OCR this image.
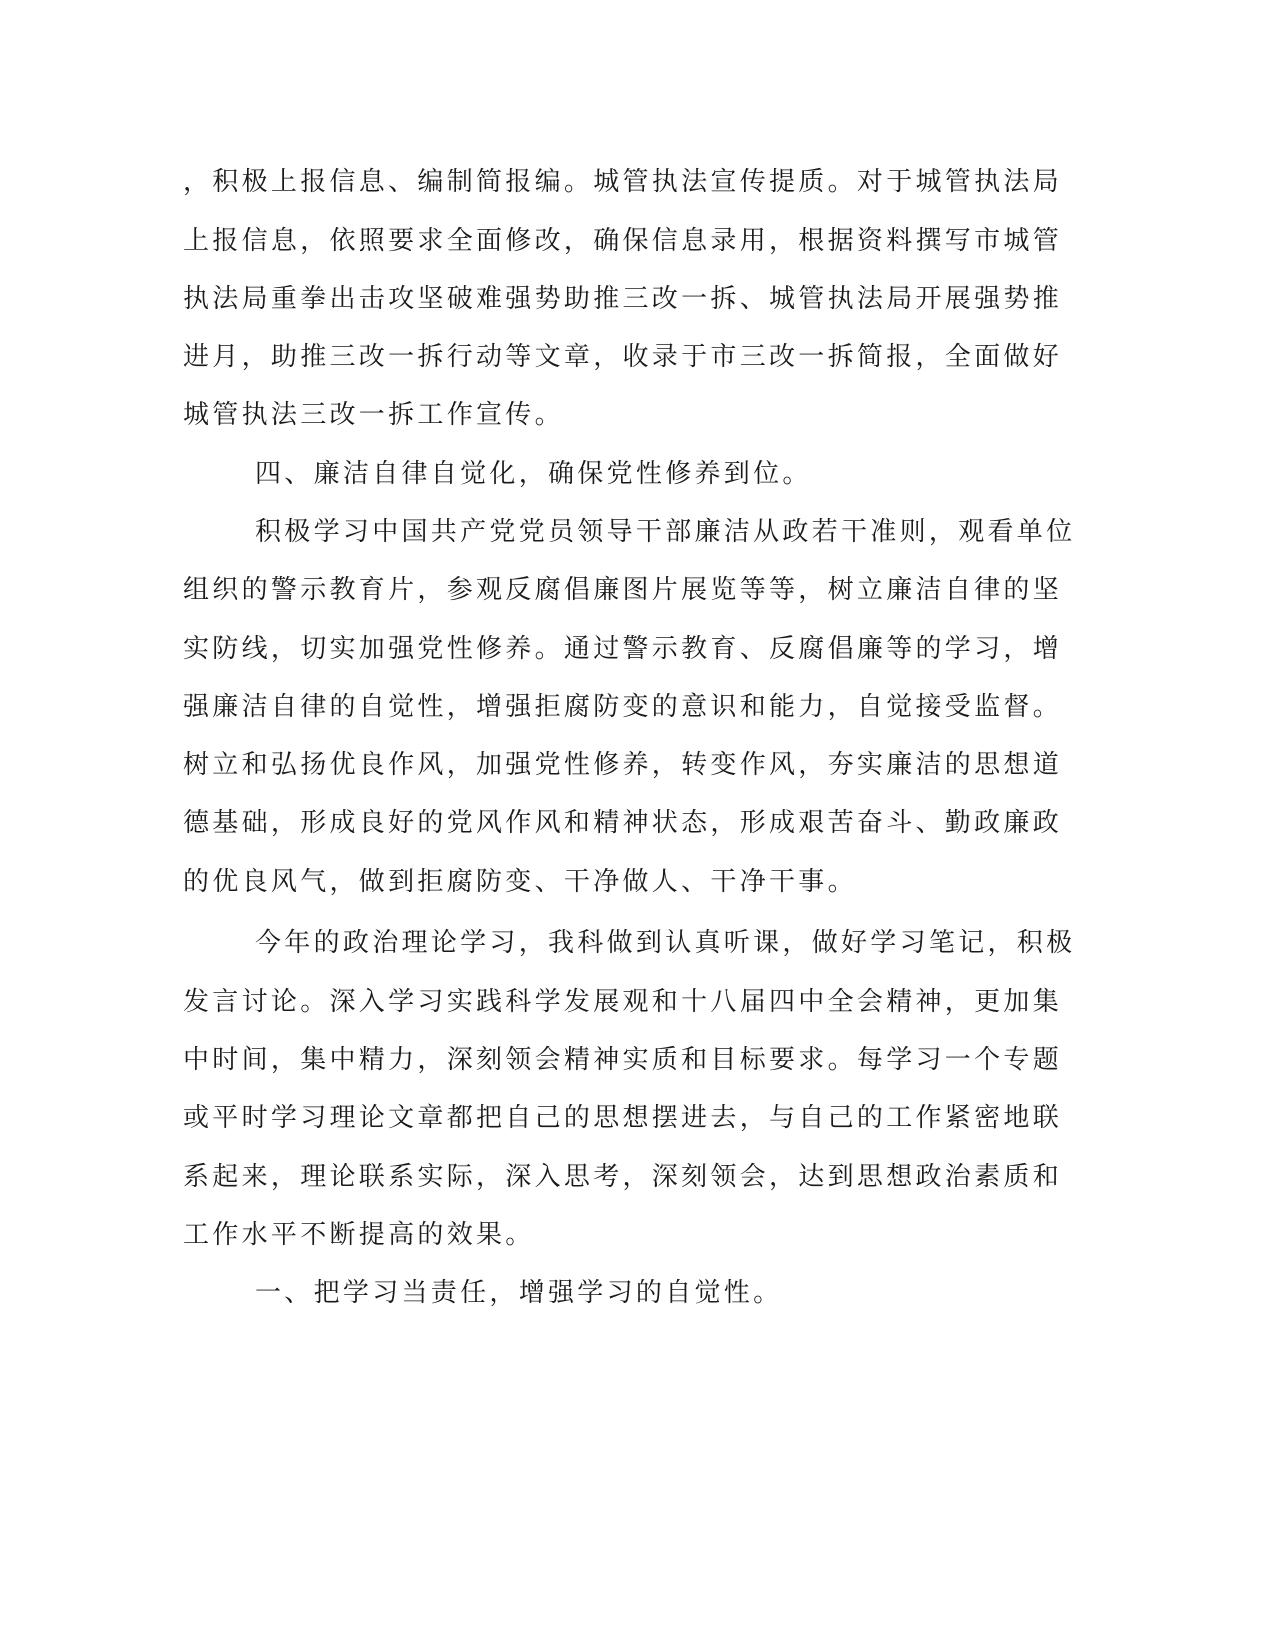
，积极上报信息、编制简报编。城管执法宣传提质。对于城管执法局
上报信息，依照要求全面修改，确保信息录用，根据资料撰写市城管
执法局重拳出击攻坚破难强势助推三改一拆、城管执法局开展强势推
进月，助推三改一拆行动等文章，收录于市三改一拆简报，全面做好
城管执法三改一拆工作宣传。
四、廉洁自律自觉化，确保党性修养到位。
积极学习中国共产党党员领导干部廉洁从政若干准则，观看单位
组织的警示教育片，参观反腐倡廉图片展览等等，树立廉洁自律的坚
实防线，切实加强党性修养。通过警示教育、反腐倡廉等的学习，增
强廉洁自律的自觉性，增强拒腐防变的意识和能力，自觉接受监督。
树立和弘扬优良作风，加强党性修养，转变作风，夯实廉洁的思想道
德基础，形成良好的党风作风和精神状态，形成艰苦奋斗、勤政廉政
的优良风气，做到拒腐防变、干净做人、干净干事。
今年的政治理论学习，我科做到认真听课，做好学习笔记，积极
发言讨论。深入学习实践科学发展观和十八届四中全会精神，更加集
中时间，集中精力，深刻领会精神实质和目标要求。每学习一个专题
或平时学习理论文章都把自己的思想摆进去，与自己的工作紧密地联
系起来，理论联系实际，深入思考，深刻领会，达到思想政治素质和
工作水平不断提高的效果。
一、把学习当责任，增强学习的自觉性。
